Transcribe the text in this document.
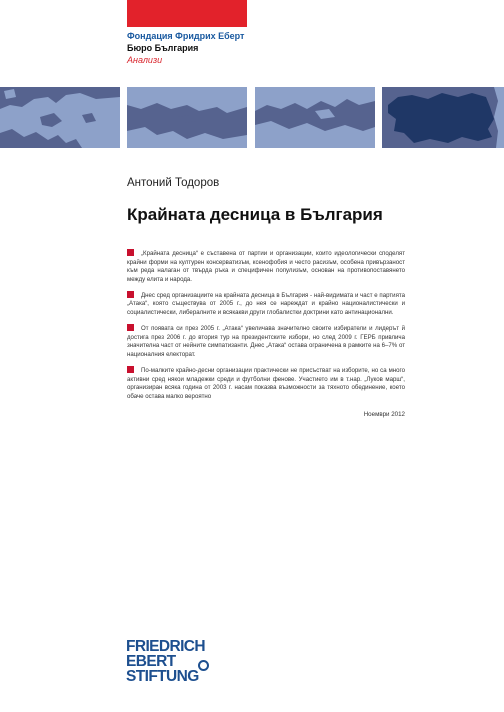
Фондация Фридрих Еберт
Бюро България
Анализи
Антоний Тодоров
Крайната десница в България

„Крайната десница“ е съставена от партии и организации, които идеологически споделят крайни форми на културен консерватизъм, ксенофобия и често расизъм, особена привързаност към реда налаган от твърда ръка и специфичен популизъм, основан на противопоставянето между елита и народа.

Днес сред организациите на крайната десница в България - най-видимата и част е партията „Атака“, която съществува от 2005 г., до нея се нареждат и крайно националистически и социалистически, либералните и всякакви други глобалистки доктрини като антинационални.

От появата си през 2005 г. „Атака“ увеличава значително своите избиратели и лидерът й достига през 2006 г. до втория тур на президентските избори, но след 2009 г. ГЕРБ привлича значителна част от нейните симпатизанти. Днес „Атака“ остава ограничена в рамките на 6–7% от националния електорат.

По-малките крайно-десни организации практически не присъстват на изборите, но са много активни сред някои младежки среди и футболни фенове. Участието им в т.нар. „Луков марш“, организиран всяка година от 2003 г. насам показва възможности за тяхното обединение, което обаче остава малко вероятно

Ноември 2012
FRIEDRICH
EBERT
STIFTUNG
